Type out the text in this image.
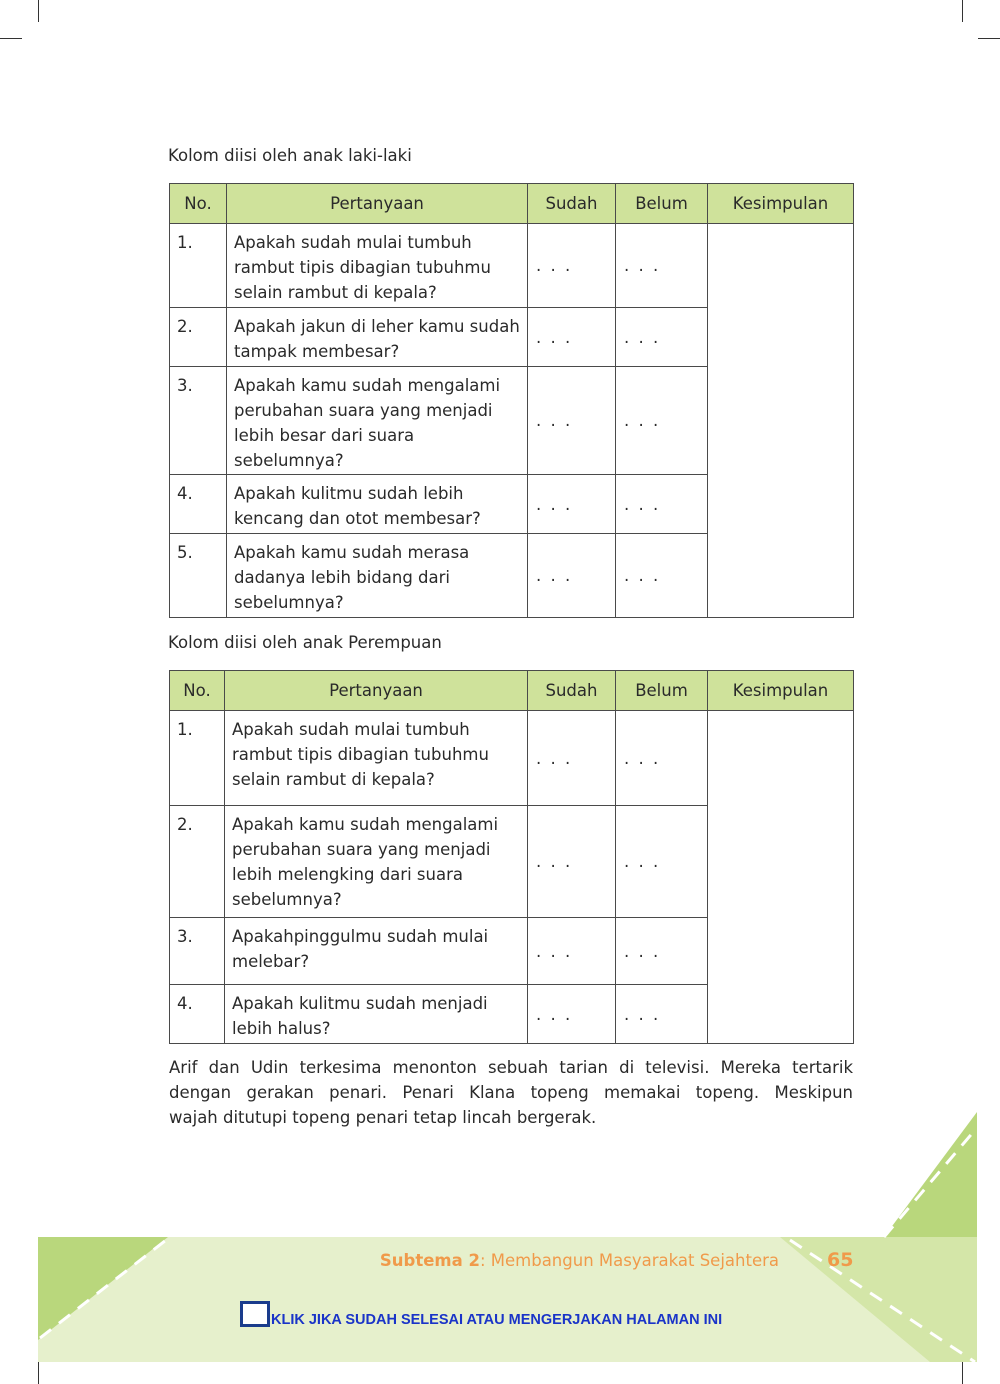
Kolom diisi oleh anak laki-laki
No.	Pertanyaan	Sudah	Belum	Kesimpulan
1.	Apakah sudah mulai tumbuh rambut tipis dibagian tubuhmu selain rambut di kepala?	. . .	. . .	
2.	Apakah jakun di leher kamu sudah tampak membesar?	. . .	. . .	
3.	Apakah kamu sudah mengalami perubahan suara yang menjadi lebih besar dari suara sebelumnya?	. . .	. . .	
4.	Apakah kulitmu sudah lebih kencang dan otot membesar?	. . .	. . .	
5.	Apakah kamu sudah merasa dadanya lebih bidang dari sebelumnya?	. . .	. . .	
Kolom diisi oleh anak Perempuan
No.	Pertanyaan	Sudah	Belum	Kesimpulan
1.	Apakah sudah mulai tumbuh rambut tipis dibagian tubuhmu selain rambut di kepala?	. . .	. . .	
2.	Apakah kamu sudah mengalami perubahan suara yang menjadi lebih melengking dari suara sebelumnya?	. . .	. . .	
3.	Apakahpinggulmu sudah mulai melebar?	. . .	. . .	
4.	Apakah kulitmu sudah menjadi lebih halus?	. . .	. . .	
Arif dan Udin terkesima menonton sebuah tarian di televisi. Mereka tertarik
dengan gerakan penari. Penari Klana topeng memakai topeng. Meskipun
wajah ditutupi topeng penari tetap lincah bergerak.
Subtema 2: Membangun Masyarakat Sejahtera	65
KLIK JIKA SUDAH SELESAI ATAU MENGERJAKAN HALAMAN INI
